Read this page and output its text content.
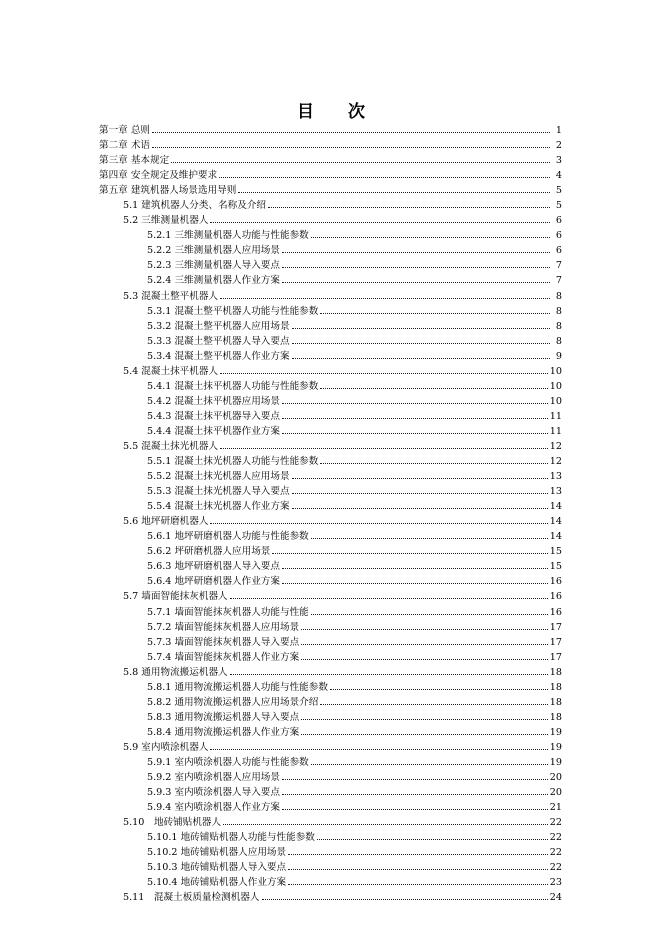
目 次
第一章 总则	1
第二章 术语	2
第三章 基本规定	3
第四章 安全规定及维护要求	4
第五章 建筑机器人场景选用导则	5
5.1 建筑机器人分类、名称及介绍	5
5.2 三维测量机器人	6
5.2.1 三维测量机器人功能与性能参数	6
5.2.2 三维测量机器人应用场景	6
5.2.3 三维测量机器人导入要点	7
5.2.4 三维测量机器人作业方案	7
5.3 混凝土整平机器人	8
5.3.1 混凝土整平机器人功能与性能参数	8
5.3.2 混凝土整平机器人应用场景	8
5.3.3 混凝土整平机器人导入要点	8
5.3.4 混凝土整平机器人作业方案	9
5.4 混凝土抹平机器人	10
5.4.1 混凝土抹平机器人功能与性能参数	10
5.4.2 混凝土抹平机器应用场景	10
5.4.3 混凝土抹平机器导入要点	11
5.4.4 混凝土抹平机器作业方案	11
5.5 混凝土抹光机器人	12
5.5.1 混凝土抹光机器人功能与性能参数	12
5.5.2 混凝土抹光机器人应用场景	13
5.5.3 混凝土抹光机器人导入要点	13
5.5.4 混凝土抹光机器人作业方案	14
5.6 地坪研磨机器人	14
5.6.1 地坪研磨机器人功能与性能参数	14
5.6.2 坪研磨机器人应用场景	15
5.6.3 地坪研磨机器人导入要点	15
5.6.4 地坪研磨机器人作业方案	16
5.7 墙面智能抹灰机器人	16
5.7.1 墙面智能抹灰机器人功能与性能	16
5.7.2 墙面智能抹灰机器人应用场景	17
5.7.3 墙面智能抹灰机器人导入要点	17
5.7.4 墙面智能抹灰机器人作业方案	17
5.8 通用物流搬运机器人	18
5.8.1 通用物流搬运机器人功能与性能参数	18
5.8.2 通用物流搬运机器人应用场景介绍	18
5.8.3 通用物流搬运机器人导入要点	18
5.8.4 通用物流搬运机器人作业方案	19
5.9 室内喷涂机器人	19
5.9.1 室内喷涂机器人功能与性能参数	19
5.9.2 室内喷涂机器人应用场景	20
5.9.3 室内喷涂机器人导入要点	20
5.9.4 室内喷涂机器人作业方案	21
5.10　地砖铺贴机器人	22
5.10.1 地砖铺贴机器人功能与性能参数	22
5.10.2 地砖铺贴机器人应用场景	22
5.10.3 地砖铺贴机器人导入要点	22
5.10.4 地砖铺贴机器人作业方案	23
5.11　混凝土板质量检测机器人	24
